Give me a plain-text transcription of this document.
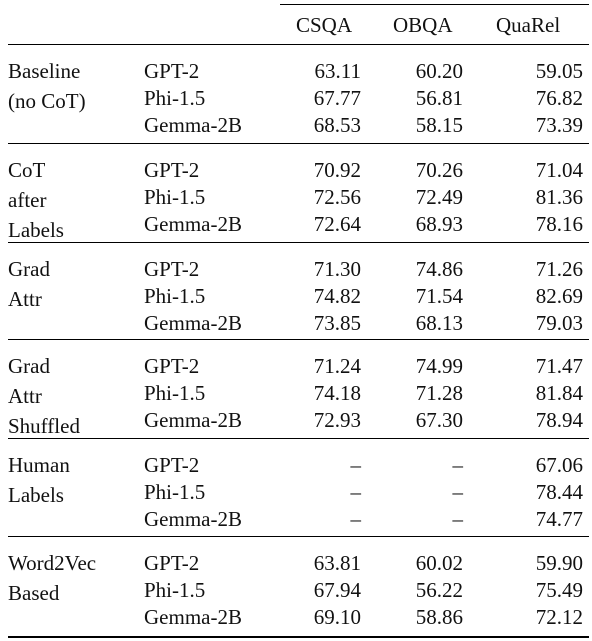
CSQA OBQA QuaRel
Baseline
(no CoT)
GPT-2	63.11	60.20	59.05
Phi-1.5	67.77	56.81	76.82
Gemma-2B	68.53	58.15	73.39
CoT
after
Labels
GPT-2	70.92	70.26	71.04
Phi-1.5	72.56	72.49	81.36
Gemma-2B	72.64	68.93	78.16
Grad
Attr
GPT-2	71.30	74.86	71.26
Phi-1.5	74.82	71.54	82.69
Gemma-2B	73.85	68.13	79.03
Grad
Attr
Shuffled
GPT-2	71.24	74.99	71.47
Phi-1.5	74.18	71.28	81.84
Gemma-2B	72.93	67.30	78.94
Human
Labels
GPT-2	–	–	67.06
Phi-1.5	–	–	78.44
Gemma-2B	–	–	74.77
Word2Vec
Based
GPT-2	63.81	60.02	59.90
Phi-1.5	67.94	56.22	75.49
Gemma-2B	69.10	58.86	72.12
